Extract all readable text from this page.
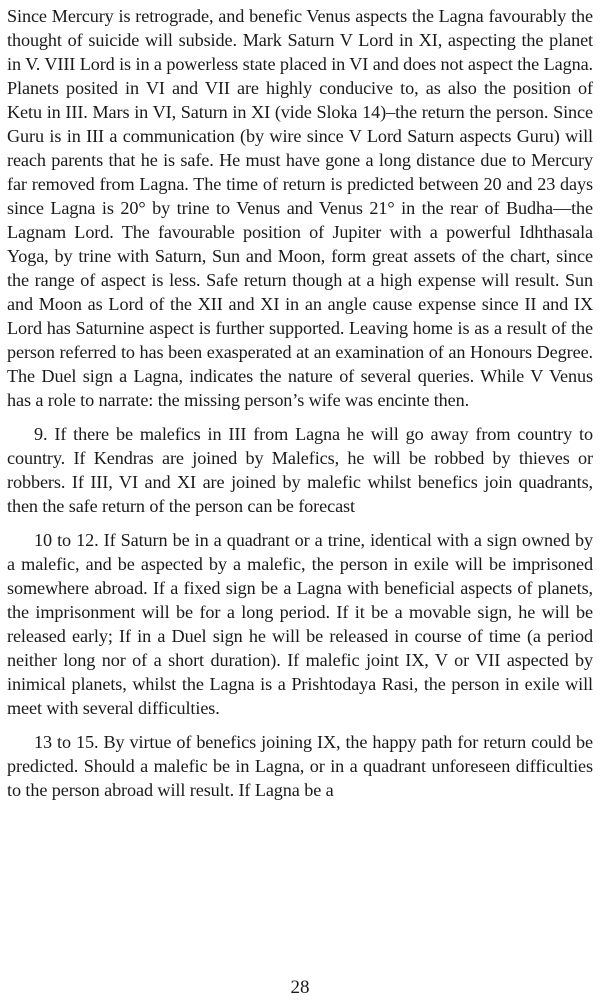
Since Mercury is retrograde, and benefic Venus aspects the Lagna favourably the thought of suicide will subside. Mark Saturn V Lord in XI, aspecting the planet in V. VIII Lord is in a powerless state placed in VI and does not aspect the Lagna. Planets posited in VI and VII are highly conducive to, as also the position of Ketu in III. Mars in VI, Saturn in XI (vide Sloka 14)–the return the person. Since Guru is in III a communication (by wire since V Lord Saturn aspects Guru) will reach parents that he is safe. He must have gone a long distance due to Mercury far removed from Lagna. The time of return is predicted between 20 and 23 days since Lagna is 20° by trine to Venus and Venus 21° in the rear of Budha—the Lagnam Lord. The favourable position of Jupiter with a powerful Idhthasala Yoga, by trine with Saturn, Sun and Moon, form great assets of the chart, since the range of aspect is less. Safe return though at a high expense will result. Sun and Moon as Lord of the XII and XI in an angle cause expense since II and IX Lord has Saturnine aspect is further supported. Leaving home is as a result of the person referred to has been exasperated at an examination of an Honours Degree. The Duel sign a Lagna, indicates the nature of several queries. While V Venus has a role to narrate: the missing person’s wife was encinte then.

9. If there be malefics in III from Lagna he will go away from country to country. If Kendras are joined by Malefics, he will be robbed by thieves or robbers. If III, VI and XI are joined by malefic whilst benefics join quadrants, then the safe return of the person can be forecast

10 to 12. If Saturn be in a quadrant or a trine, identical with a sign owned by a malefic, and be aspected by a malefic, the person in exile will be imprisoned somewhere abroad. If a fixed sign be a Lagna with beneficial aspects of planets, the imprisonment will be for a long period. If it be a movable sign, he will be released early; If in a Duel sign he will be released in course of time (a period neither long nor of a short duration). If malefic joint IX, V or VII aspected by inimical planets, whilst the Lagna is a Prishtodaya Rasi, the person in exile will meet with several difficulties.

13 to 15. By virtue of benefics joining IX, the happy path for return could be predicted. Should a malefic be in Lagna, or in a quadrant unforeseen difficulties to the person abroad will result. If Lagna be a

28
